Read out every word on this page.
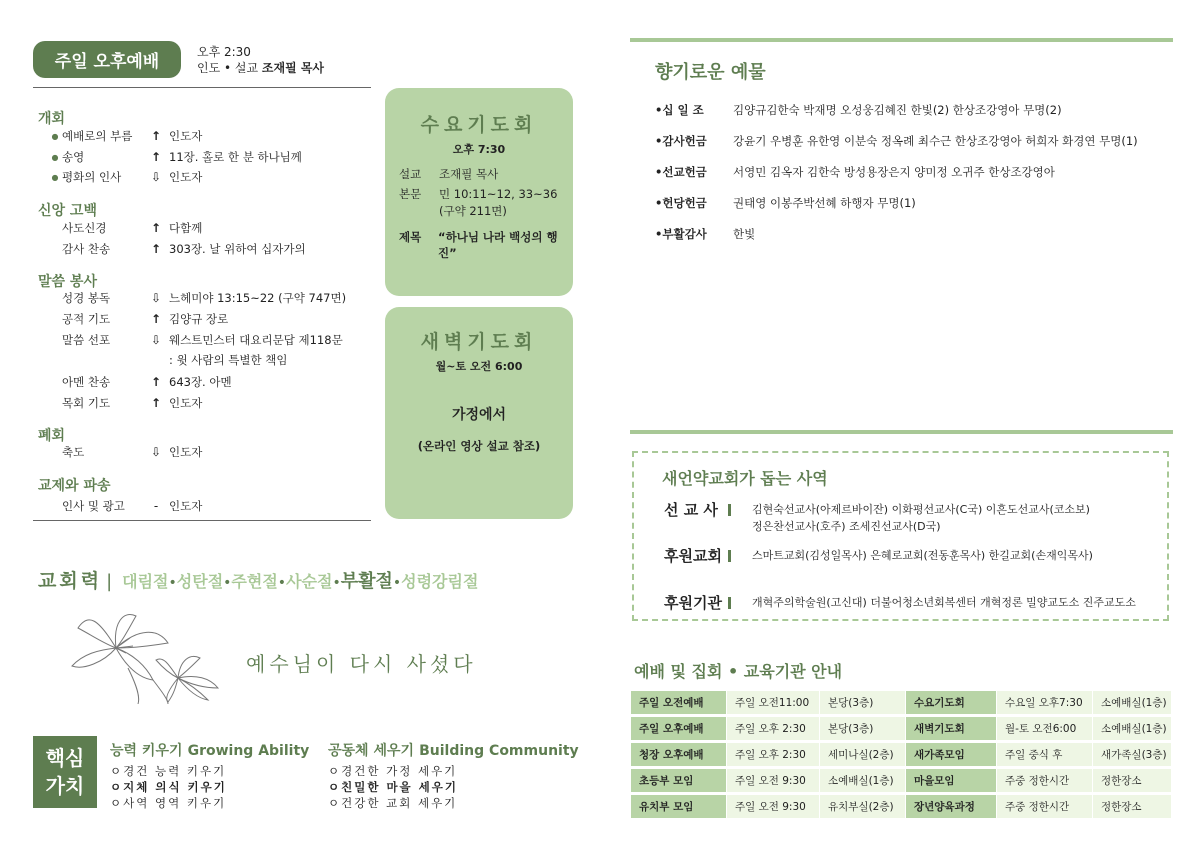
주일 오후예배	오후 2:30
인도 • 설교 조재필 목사
개회
● 예배로의 부름	↑ 인도자
● 송영	↑ 11장. 홀로 한 분 하나님께
● 평화의 인사	⇩ 인도자
신앙 고백
사도신경	↑ 다함께
감사 찬송	↑ 303장. 날 위하여 십자가의
말씀 봉사
성경 봉독	⇩ 느헤미야 13:15~22 (구약 747면)
공적 기도	↑ 김양규 장로
말씀 선포	⇩ 웨스트민스터 대요리문답 제118문
: 윗 사람의 특별한 책임
아멘 찬송	↑ 643장. 아멘
목회 기도	↑ 인도자
폐회
축도	⇩ 인도자
교제와 파송
인사 및 광고	- 인도자
수요기도회
오후 7:30
설교	조재필 목사
본문	민 10:11~12, 33~36
(구약 211면)
제목	“하나님 나라 백성의 행진”
새벽기도회
월~토 오전 6:00
가정에서
(온라인 영상 설교 참조)
교회력 | 대림절•성탄절•주현절•사순절•부활절•성령강림절
예수님이 다시 사셨다
핵심
가치
능력 키우기 Growing Ability
ㅇ경건 능력 키우기
ㅇ지체 의식 키우기
ㅇ사역 영역 키우기
공동체 세우기 Building Community
ㅇ경건한 가정 세우기
ㅇ친밀한 마을 세우기
ㅇ건강한 교회 세우기
향기로운 예물
•십 일 조	김양규김한숙 박재명 오성웅김혜진 한빛(2) 한상조강영아 무명(2)
•감사헌금	강윤기 우병훈 유한영 이분숙 정옥례 최수근 한상조강영아 허희자 화경연 무명(1)
•선교헌금	서영민 김옥자 김한숙 방성용장은지 양미정 오귀주 한상조강영아
•헌당헌금	권태영 이봉주박선혜 하행자 무명(1)
•부활감사	한빛
새언약교회가 돕는 사역
선 교 사	김현숙선교사(아제르바이잔) 이화평선교사(C국) 이흔도선교사(코소보)
정은찬선교사(호주) 조세진선교사(D국)
후원교회	스마트교회(김성일목사) 은혜로교회(전동훈목사) 한길교회(손재익목사)
후원기관	개혁주의학술원(고신대) 더불어청소년회복센터 개혁정론 밀양교도소 진주교도소
예배 및 집회 • 교육기관 안내
주일 오전예배	주일 오전11:00	본당(3층)	수요기도회	수요일 오후7:30	소예배실(1층)
주일 오후예배	주일 오후 2:30	본당(3층)	새벽기도회	월-토 오전6:00	소예배실(1층)
청장 오후예배	주일 오후 2:30	세미나실(2층)	새가족모임	주일 중식 후	새가족실(3층)
초등부 모임	주일 오전 9:30	소예배실(1층)	마을모임	주중 정한시간	정한장소
유치부 모임	주일 오전 9:30	유치부실(2층)	장년양육과정	주중 정한시간	정한장소
